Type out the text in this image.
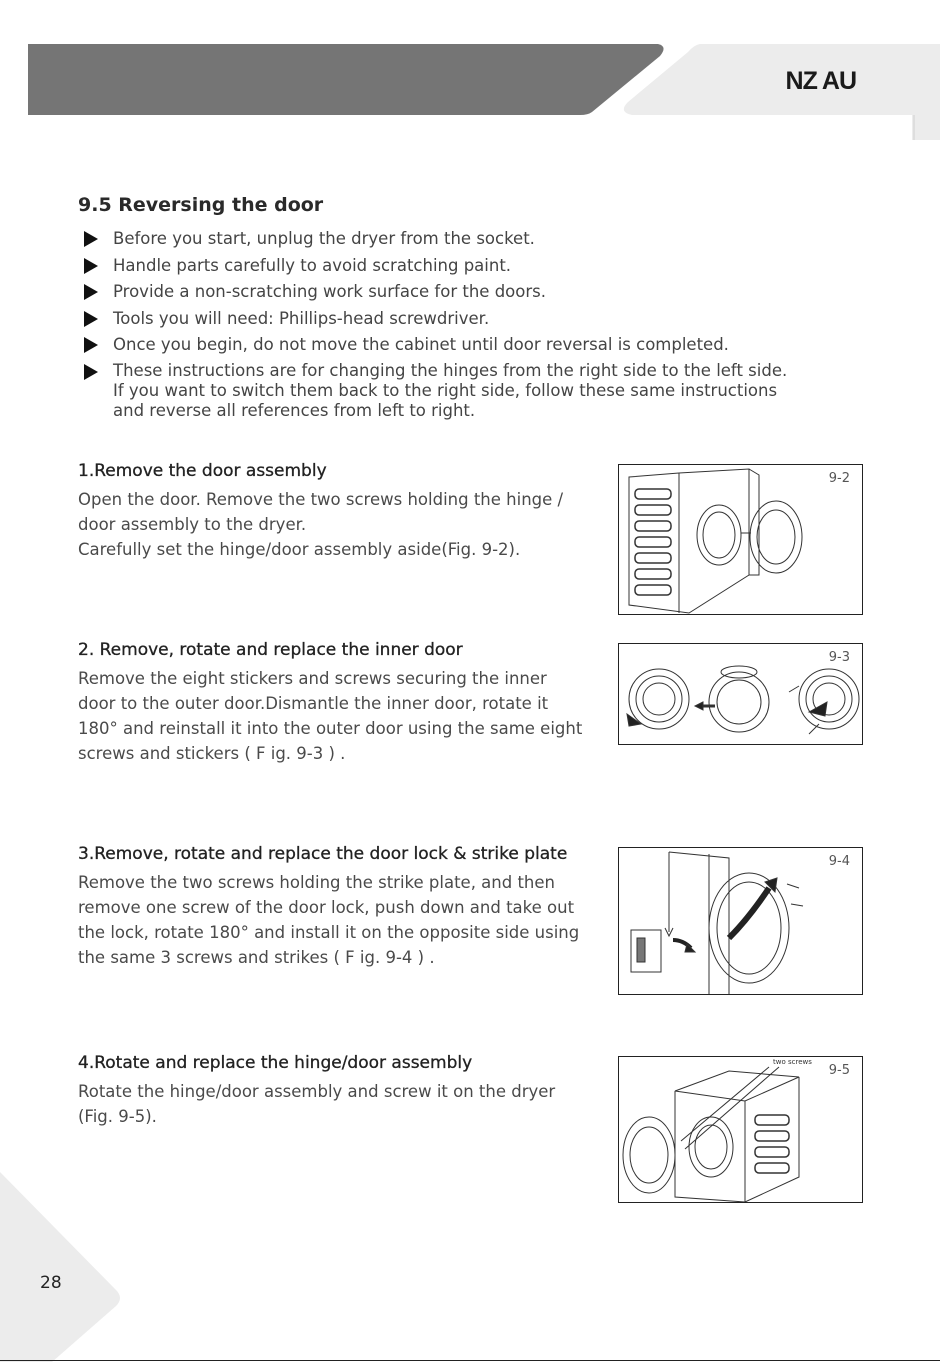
NZ AU
9.5 Reversing the door
Before you start, unplug the dryer from the socket.
Handle parts carefully to avoid scratching paint.
Provide a non-scratching work surface for the doors.
Tools you will need: Phillips-head screwdriver.
Once you begin, do not move the cabinet until door reversal is completed.
These instructions are for changing the hinges from the right side to the left side.
If you want to switch them back to the right side, follow these same instructions
and reverse all references from left to right.
1.Remove the door assembly

Open the door. Remove the two screws holding the hinge /
door assembly to the dryer.
Carefully set the hinge/door assembly aside(Fig. 9-2).

9-2
2. Remove, rotate and replace the inner door

Remove the eight stickers and screws securing the inner
door to the outer door.Dismantle the inner door, rotate it
180° and reinstall it into the outer door using the same eight
screws and stickers ( F ig. 9-3 ) .

9-3
3.Remove, rotate and replace the door lock & strike plate

Remove the two screws holding the strike plate, and then
remove one screw of the door lock, push down and take out
the lock, rotate 180° and install it on the opposite side using
the same 3 screws and strikes ( F ig. 9-4 ) .

9-4
4.Rotate and replace the hinge/door assembly

Rotate the hinge/door assembly and screw it on the dryer
(Fig. 9-5).

two screws
9-5
28
